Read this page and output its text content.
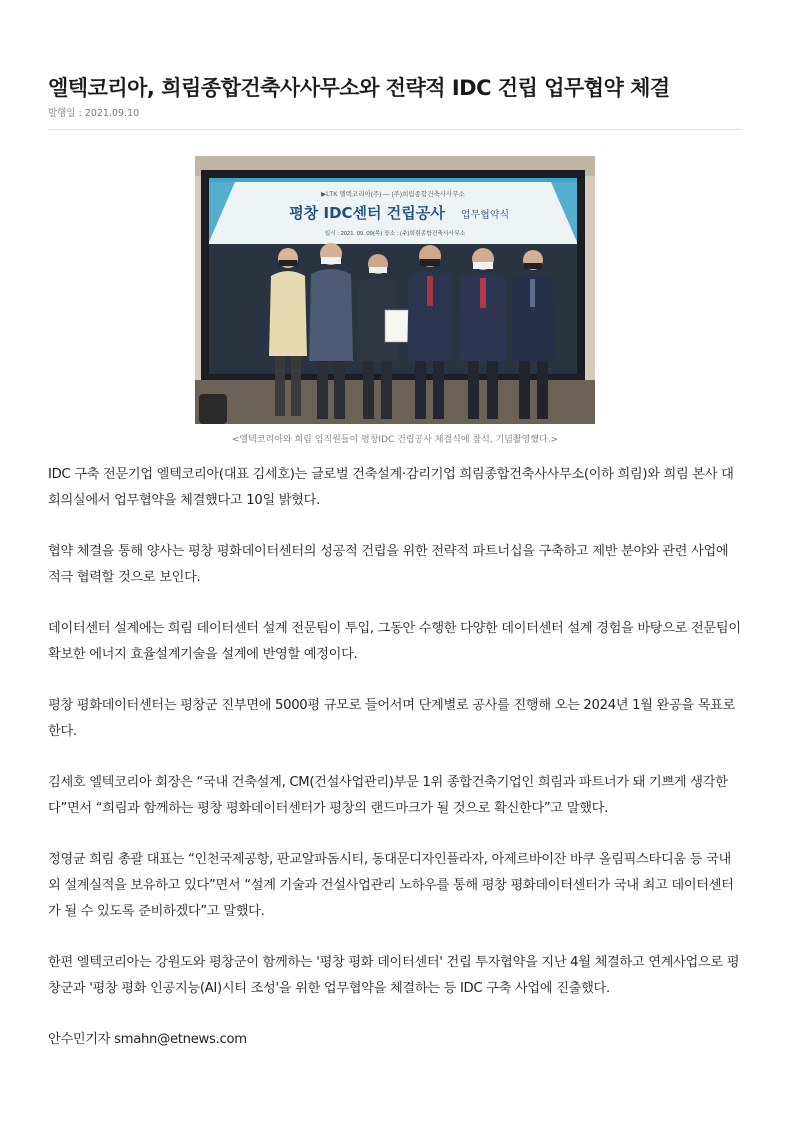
엘텍코리아, 희림종합건축사사무소와 전략적 IDC 건립 업무협약 체결
발행일 : 2021.09.10
▶LTK 엘텍코리아(주) — (주)희림종합건축사사무소
평창 IDC센터 건립공사 업무협약식
일시 : 2021. 09. 09(목) 장소 : (주)희림종합건축사사무소
<엘텍코리아와 희림 임직원들이 평창IDC 건립공사 체결식에 참석, 기념촬영했다.>

IDC 구축 전문기업 엘텍코리아(대표 김세호)는 글로벌 건축설계·감리기업 희림종합건축사사무소(이하 희림)와 희림 본사 대회의실에서 업무협약을 체결했다고 10일 밝혔다.

협약 체결을 통해 양사는 평창 평화데이터센터의 성공적 건립을 위한 전략적 파트너십을 구축하고 제반 분야와 관련 사업에 적극 협력할 것으로 보인다.

데이터센터 설계에는 희림 데이터센터 설계 전문팀이 투입, 그동안 수행한 다양한 데이터센터 설계 경험을 바탕으로 전문팀이 확보한 에너지 효율설계기술을 설계에 반영할 예정이다.

평창 평화데이터센터는 평창군 진부면에 5000평 규모로 들어서며 단계별로 공사를 진행해 오는 2024년 1월 완공을 목표로 한다.

김세호 엘텍코리아 회장은 “국내 건축설계, CM(건설사업관리)부문 1위 종합건축기업인 희림과 파트너가 돼 기쁘게 생각한다”면서 “희림과 함께하는 평창 평화데이터센터가 평창의 랜드마크가 될 것으로 확신한다”고 말했다.

정영균 희림 총괄 대표는 “인천국제공항, 판교알파돔시티, 동대문디자인플라자, 아제르바이잔 바쿠 올림픽스타디움 등 국내외 설계실적을 보유하고 있다”면서 “설계 기술과 건설사업관리 노하우를 통해 평창 평화데이터센터가 국내 최고 데이터센터가 될 수 있도록 준비하겠다”고 말했다.

한편 엘텍코리아는 강원도와 평창군이 함께하는 '평창 평화 데이터센터' 건립 투자협약을 지난 4월 체결하고 연계사업으로 평창군과 '평창 평화 인공지능(AI)시티 조성'을 위한 업무협약을 체결하는 등 IDC 구축 사업에 진출했다.

안수민기자 smahn@etnews.com
